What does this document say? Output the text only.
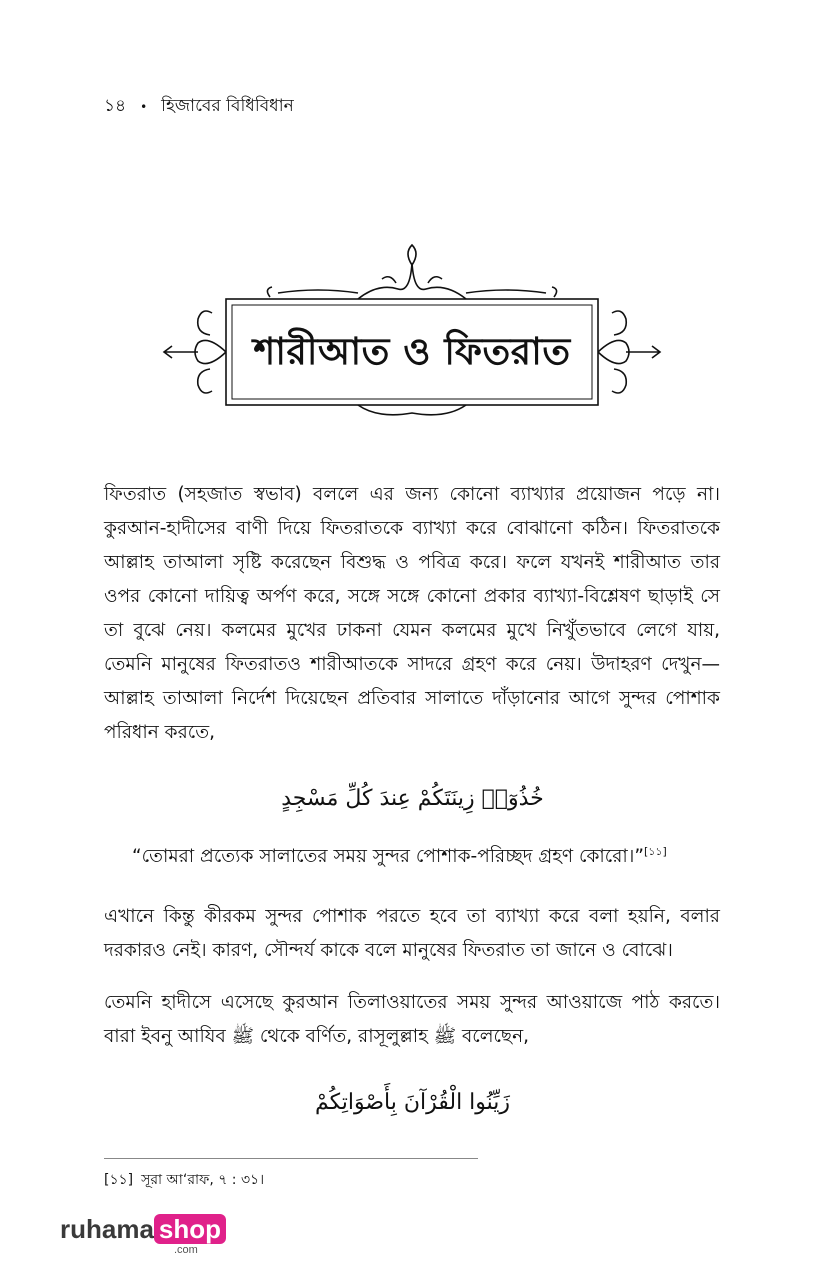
১৪ • হিজাবের বিধিবিধান
শারীআত ও ফিতরাত

ফিতরাত (সহজাত স্বভাব) বললে এর জন্য কোনো ব্যাখ্যার প্রয়োজন পড়ে না। কুরআন-হাদীসের বাণী দিয়ে ফিতরাতকে ব্যাখ্যা করে বোঝানো কঠিন। ফিতরাতকে আল্লাহ তাআলা সৃষ্টি করেছেন বিশুদ্ধ ও পবিত্র করে। ফলে যখনই শারীআত তার ওপর কোনো দায়িত্ব অর্পণ করে, সঙ্গে সঙ্গে কোনো প্রকার ব্যাখ্যা-বিশ্লেষণ ছাড়াই সে তা বুঝে নেয়। কলমের মুখের ঢাকনা যেমন কলমের মুখে নিখুঁতভাবে লেগে যায়, তেমনি মানুষের ফিতরাতও শারীআতকে সাদরে গ্রহণ করে নেয়। উদাহরণ দেখুন—আল্লাহ তাআলা নির্দেশ দিয়েছেন প্রতিবার সালাতে দাঁড়ানোর আগে সুন্দর পোশাক পরিধান করতে,

خُذُوٓا۟ زِينَتَكُمْ عِندَ كُلِّ مَسْجِدٍ
“তোমরা প্রত্যেক সালাতের সময় সুন্দর পোশাক-পরিচ্ছদ গ্রহণ কোরো।”[১১]

এখানে কিন্তু কীরকম সুন্দর পোশাক পরতে হবে তা ব্যাখ্যা করে বলা হয়নি, বলার দরকারও নেই। কারণ, সৌন্দর্য কাকে বলে মানুষের ফিতরাত তা জানে ও বোঝে।

তেমনি হাদীসে এসেছে কুরআন তিলাওয়াতের সময় সুন্দর আওয়াজে পাঠ করতে। বারা ইবনু আযিব ﷺ থেকে বর্ণিত, রাসূলুল্লাহ ﷺ বলেছেন,

زَيِّنُوا الْقُرْآنَ بِأَصْوَاتِكُمْ
[১১] সূরা আ‘রাফ, ৭ : ৩১।
ruhama shop
.com
